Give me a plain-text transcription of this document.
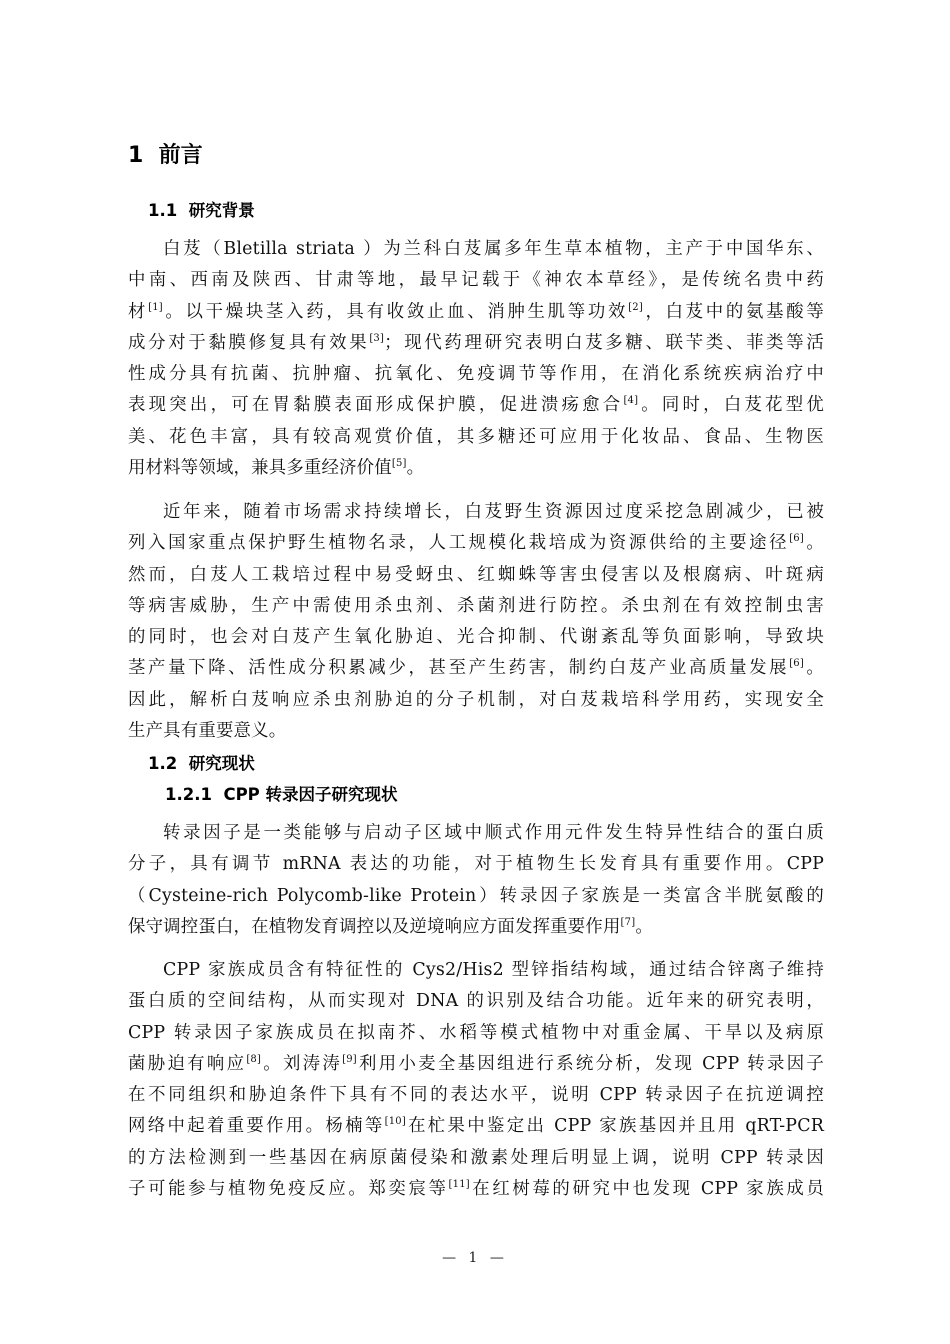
1 前言
1.1 研究背景
白芨（Bletilla striata ）为兰科白芨属多年生草本植物，主产于中国华东、
中南、西南及陕西、甘肃等地，最早记载于《神农本草经》，是传统名贵中药
材[1]。以干燥块茎入药，具有收敛止血、消肿生肌等功效[2]，白芨中的氨基酸等
成分对于黏膜修复具有效果[3]；现代药理研究表明白芨多糖、联苄类、菲类等活
性成分具有抗菌、抗肿瘤、抗氧化、免疫调节等作用，在消化系统疾病治疗中
表现突出，可在胃黏膜表面形成保护膜，促进溃疡愈合[4]。同时，白芨花型优
美、花色丰富，具有较高观赏价值，其多糖还可应用于化妆品、食品、生物医
用材料等领域，兼具多重经济价值[5]。
近年来，随着市场需求持续增长，白芨野生资源因过度采挖急剧减少，已被
列入国家重点保护野生植物名录，人工规模化栽培成为资源供给的主要途径[6]。
然而，白芨人工栽培过程中易受蚜虫、红蜘蛛等害虫侵害以及根腐病、叶斑病
等病害威胁，生产中需使用杀虫剂、杀菌剂进行防控。杀虫剂在有效控制虫害
的同时，也会对白芨产生氧化胁迫、光合抑制、代谢紊乱等负面影响，导致块
茎产量下降、活性成分积累减少，甚至产生药害，制约白芨产业高质量发展[6]。
因此，解析白芨响应杀虫剂胁迫的分子机制，对白芨栽培科学用药，实现安全
生产具有重要意义。
1.2 研究现状
1.2.1 CPP 转录因子研究现状
转录因子是一类能够与启动子区域中顺式作用元件发生特异性结合的蛋白质
分子，具有调节 mRNA 表达的功能，对于植物生长发育具有重要作用。CPP
（Cysteine-rich Polycomb-like Protein）转录因子家族是一类富含半胱氨酸的
保守调控蛋白，在植物发育调控以及逆境响应方面发挥重要作用[7]。
CPP 家族成员含有特征性的 Cys2/His2 型锌指结构域，通过结合锌离子维持
蛋白质的空间结构，从而实现对 DNA 的识别及结合功能。近年来的研究表明，
CPP 转录因子家族成员在拟南芥、水稻等模式植物中对重金属、干旱以及病原
菌胁迫有响应[8]。刘涛涛[9]利用小麦全基因组进行系统分析，发现 CPP 转录因子
在不同组织和胁迫条件下具有不同的表达水平，说明 CPP 转录因子在抗逆调控
网络中起着重要作用。杨楠等[10]在杧果中鉴定出 CPP 家族基因并且用 qRT-PCR
的方法检测到一些基因在病原菌侵染和激素处理后明显上调，说明 CPP 转录因
子可能参与植物免疫反应。郑奕宸等[11]在红树莓的研究中也发现 CPP 家族成员
— 1 —
